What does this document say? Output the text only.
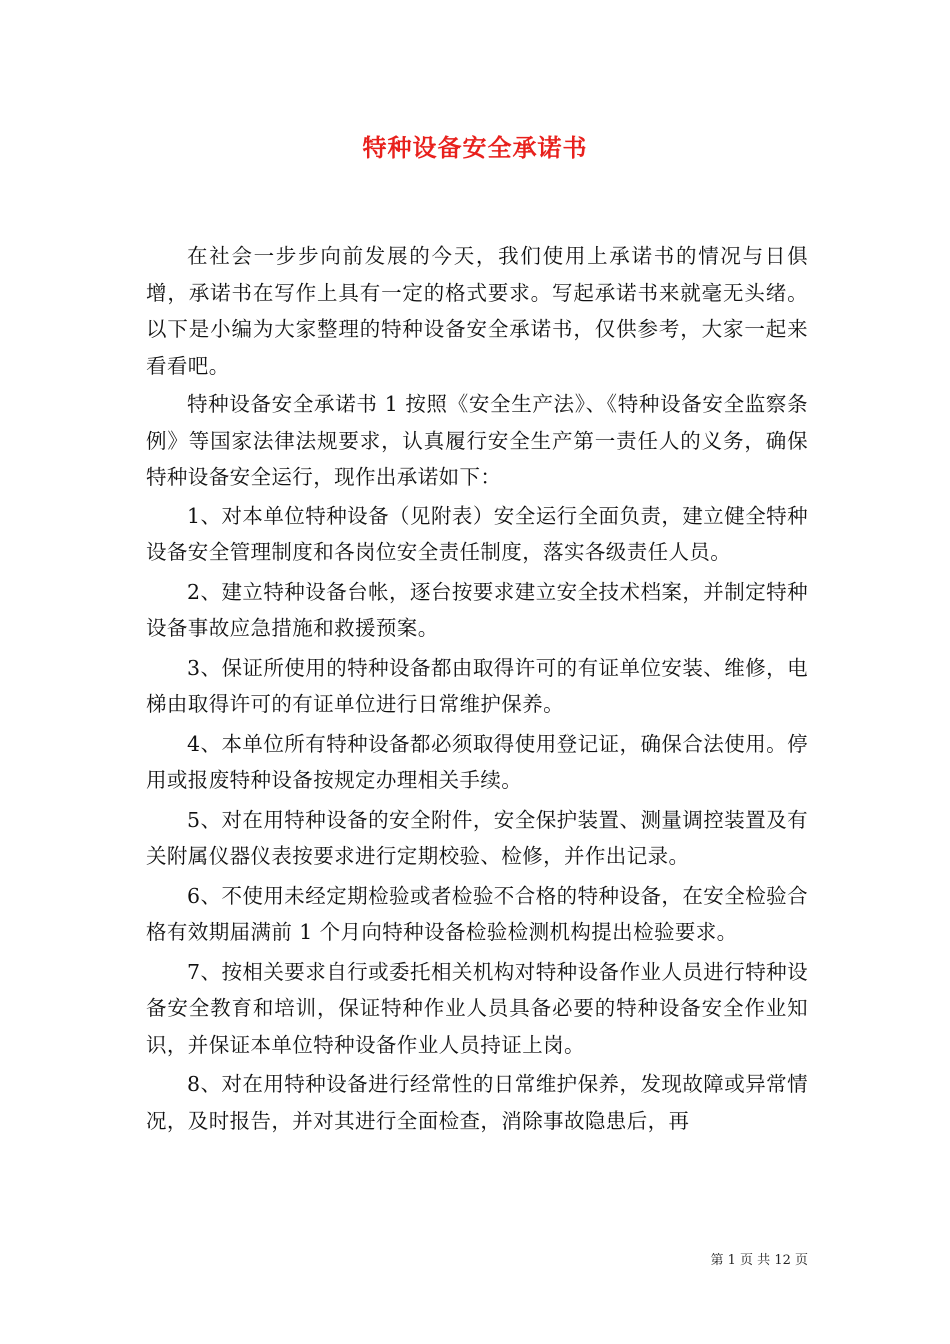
特种设备安全承诺书

在社会一步步向前发展的今天，我们使用上承诺书的情况与日俱增，承诺书在写作上具有一定的格式要求。写起承诺书来就毫无头绪。以下是小编为大家整理的特种设备安全承诺书，仅供参考，大家一起来看看吧。

特种设备安全承诺书 1 按照《安全生产法》、《特种设备安全监察条例》等国家法律法规要求，认真履行安全生产第一责任人的义务，确保特种设备安全运行，现作出承诺如下：

1、对本单位特种设备（见附表）安全运行全面负责，建立健全特种设备安全管理制度和各岗位安全责任制度，落实各级责任人员。

2、建立特种设备台帐，逐台按要求建立安全技术档案，并制定特种设备事故应急措施和救援预案。

3、保证所使用的特种设备都由取得许可的有证单位安装、维修，电梯由取得许可的有证单位进行日常维护保养。

4、本单位所有特种设备都必须取得使用登记证，确保合法使用。停用或报废特种设备按规定办理相关手续。

5、对在用特种设备的安全附件，安全保护装置、测量调控装置及有关附属仪器仪表按要求进行定期校验、检修，并作出记录。

6、不使用未经定期检验或者检验不合格的特种设备，在安全检验合格有效期届满前 1 个月向特种设备检验检测机构提出检验要求。

7、按相关要求自行或委托相关机构对特种设备作业人员进行特种设备安全教育和培训，保证特种作业人员具备必要的特种设备安全作业知识，并保证本单位特种设备作业人员持证上岗。

8、对在用特种设备进行经常性的日常维护保养，发现故障或异常情况，及时报告，并对其进行全面检查，消除事故隐患后，再

第 1 页 共 12 页
